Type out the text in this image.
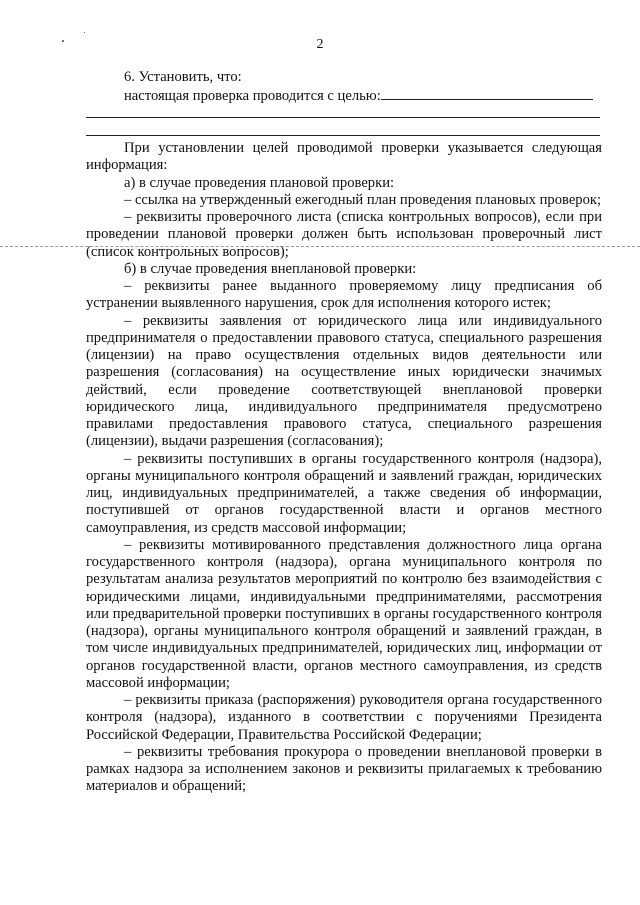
2
6. Установить, что:
настоящая проверка проводится с целью:

При установлении целей проводимой проверки указывается следующая информация:

а) в случае проведения плановой проверки:

– ссылка на утвержденный ежегодный план проведения плановых проверок;

– реквизиты проверочного листа (списка контрольных вопросов), если при проведении плановой проверки должен быть использован проверочный лист (список контрольных вопросов);

б) в случае проведения внеплановой проверки:

– реквизиты ранее выданного проверяемому лицу предписания об устранении выявленного нарушения, срок для исполнения которого истек;

– реквизиты заявления от юридического лица или индивидуального предпринимателя о предоставлении правового статуса, специального разрешения (лицензии) на право осуществления отдельных видов деятельности или разрешения (согласования) на осуществление иных юридически значимых действий, если проведение соответствующей внеплановой проверки юридического лица, индивидуального предпринимателя предусмотрено правилами предоставления правового статуса, специального разрешения (лицензии), выдачи разрешения (согласования);

– реквизиты поступивших в органы государственного контроля (надзора), органы муниципального контроля обращений и заявлений граждан, юридических лиц, индивидуальных предпринимателей, а также сведения об информации, поступившей от органов государственной власти и органов местного самоуправления, из средств массовой информации;

– реквизиты мотивированного представления должностного лица органа государственного контроля (надзора), органа муниципального контроля по результатам анализа результатов мероприятий по контролю без взаимодействия с юридическими лицами, индивидуальными предпринимателями, рассмотрения или предварительной проверки поступивших в органы государственного контроля (надзора), органы муниципального контроля обращений и заявлений граждан, в том числе индивидуальных предпринимателей, юридических лиц, информации от органов государственной власти, органов местного самоуправления, из средств массовой информации;

– реквизиты приказа (распоряжения) руководителя органа государственного контроля (надзора), изданного в соответствии с поручениями Президента Российской Федерации, Правительства Российской Федерации;

– реквизиты требования прокурора о проведении внеплановой проверки в рамках надзора за исполнением законов и реквизиты прилагаемых к требованию материалов и обращений;
